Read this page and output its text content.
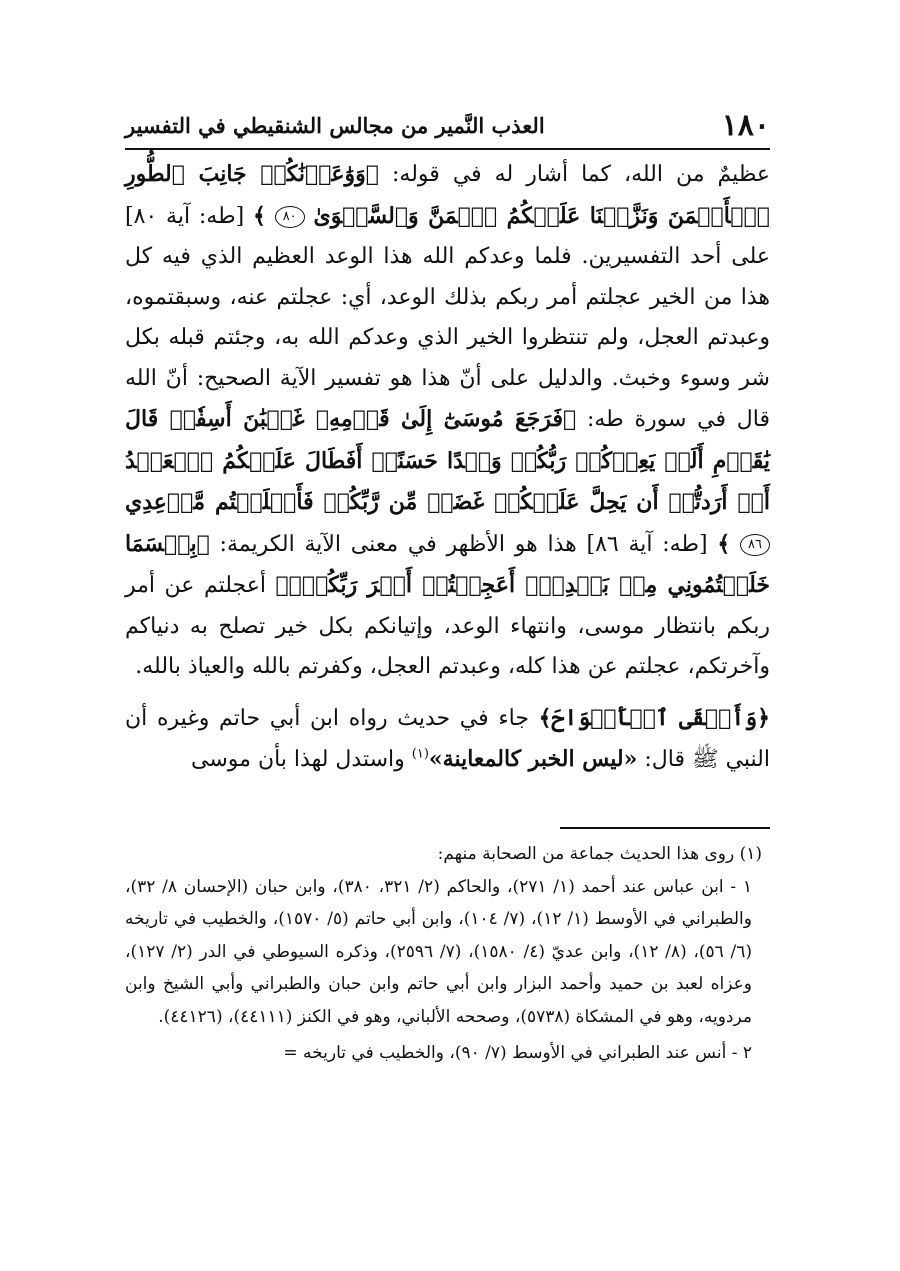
١٨٠
العذب النَّمير من مجالس الشنقيطي في التفسير

عظيمٌ من الله، كما أشار له في قوله: ﴿وَوَٰعَدۡنَٰكُمۡ جَانِبَ ٱلطُّورِ ٱلۡأَيۡمَنَ وَنَزَّلۡنَا عَلَيۡكُمُ ٱلۡمَنَّ وَٱلسَّلۡوَىٰ ٨٠ ﴾ [طه: آية ٨٠] على أحد التفسيرين. فلما وعدكم الله هذا الوعد العظيم الذي فيه كل هذا من الخير عجلتم أمر ربكم بذلك الوعد، أي: عجلتم عنه، وسبقتموه، وعبدتم العجل، ولم تنتظروا الخير الذي وعدكم الله به، وجئتم قبله بكل شر وسوء وخبث. والدليل على أنّ هذا هو تفسير الآية الصحيح: أنّ الله قال في سورة طه: ﴿فَرَجَعَ مُوسَىٰٓ إِلَىٰ قَوۡمِهِۦ غَضۡبَٰنَ أَسِفٗاۚ قَالَ يَٰقَوۡمِ أَلَمۡ يَعِدۡكُمۡ رَبُّكُمۡ وَعۡدًا حَسَنًاۚ أَفَطَالَ عَلَيۡكُمُ ٱلۡعَهۡدُ أَمۡ أَرَدتُّمۡ أَن يَحِلَّ عَلَيۡكُمۡ غَضَبٞ مِّن رَّبِّكُمۡ فَأَخۡلَفۡتُم مَّوۡعِدِي ٨٦ ﴾ [طه: آية ٨٦] هذا هو الأظهر في معنى الآية الكريمة: ﴿بِئۡسَمَا خَلَفۡتُمُونِي مِنۢ بَعۡدِيٓۖ أَعَجِلۡتُمۡ أَمۡرَ رَبِّكُمۡۖ﴾ أعجلتم عن أمر ربكم بانتظار موسى، وانتهاء الوعد، وإتيانكم بكل خير تصلح به دنياكم وآخرتكم، عجلتم عن هذا كله، وعبدتم العجل، وكفرتم بالله والعياذ بالله.

﴿وَأَلۡقَى ٱلۡأَلۡوَاحَ﴾ جاء في حديث رواه ابن أبي حاتم وغيره أن النبي ﷺ قال: «ليس الخبر كالمعاينة»$^{(١)}$ واستدل لهذا بأن موسى

(١) روى هذا الحديث جماعة من الصحابة منهم:

١ - ابن عباس عند أحمد (١/ ٢٧١)، والحاكم (٢/ ٣٢١، ٣٨٠)، وابن حبان (الإحسان ٨/ ٣٢)، والطبراني في الأوسط (١/ ١٢)، (٧/ ١٠٤)، وابن أبي حاتم (٥/ ١٥٧٠)، والخطيب في تاريخه (٦/ ٥٦)، (٨/ ١٢)، وابن عديّ (٤/ ١٥٨٠)، (٧/ ٢٥٩٦)، وذكره السيوطي في الدر (٢/ ١٢٧)، وعزاه لعبد بن حميد وأحمد البزار وابن أبي حاتم وابن حبان والطبراني وأبي الشيخ وابن مردويه، وهو في المشكاة (٥٧٣٨)، وصححه الألباني، وهو في الكنز (٤٤١١١)، (٤٤١٢٦).

٢ - أنس عند الطبراني في الأوسط (٧/ ٩٠)، والخطيب في تاريخه =
